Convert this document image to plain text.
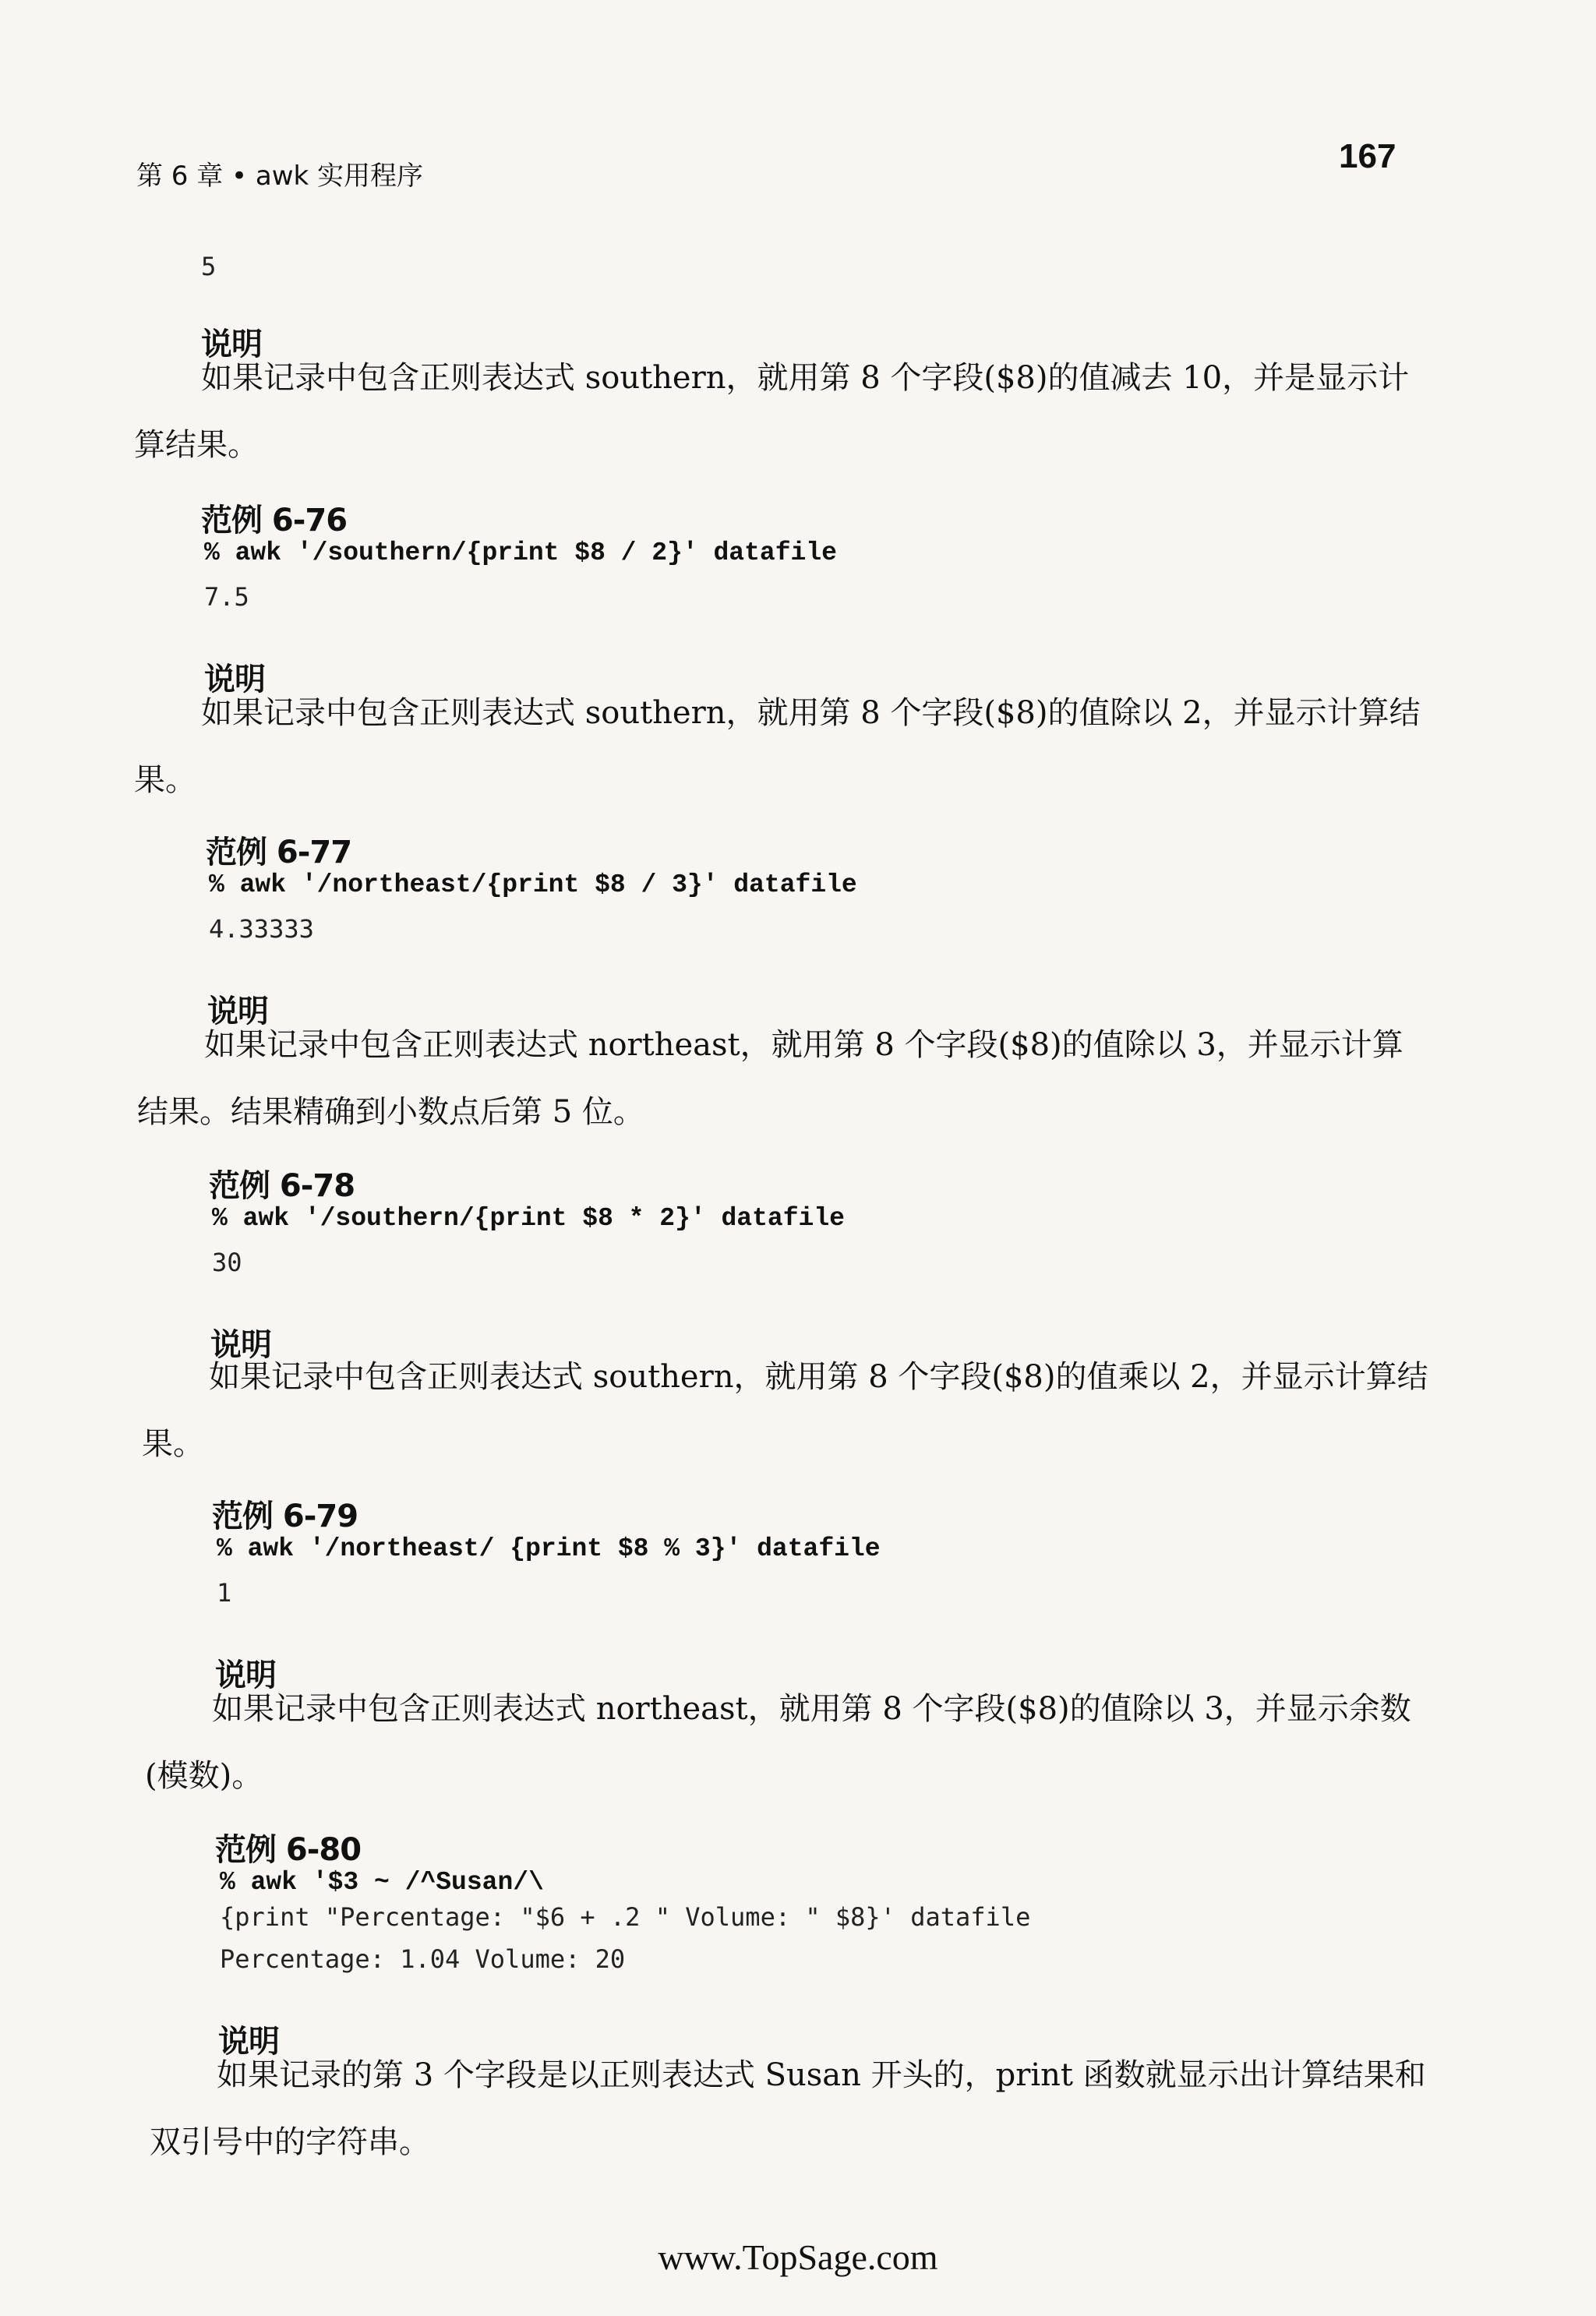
第 6 章 • awk 实用程序
167
5
说明
如果记录中包含正则表达式 southern，就用第 8 个字段($8)的值减去 10，并是显示计算结果。
范例 6-76
% awk '/southern/{print $8 / 2}' datafile
7.5
说明
如果记录中包含正则表达式 southern，就用第 8 个字段($8)的值除以 2，并显示计算结果。
范例 6-77
% awk '/northeast/{print $8 / 3}' datafile
4.33333
说明
如果记录中包含正则表达式 northeast，就用第 8 个字段($8)的值除以 3，并显示计算结果。结果精确到小数点后第 5 位。
范例 6-78
% awk '/southern/{print $8 * 2}' datafile
30
说明
如果记录中包含正则表达式 southern，就用第 8 个字段($8)的值乘以 2，并显示计算结果。
范例 6-79
% awk '/northeast/ {print $8 % 3}' datafile
1
说明
如果记录中包含正则表达式 northeast，就用第 8 个字段($8)的值除以 3，并显示余数(模数)。
范例 6-80
% awk '$3 ~ /^Susan/\
{print "Percentage: "$6 + .2 " Volume: " $8}' datafile
Percentage: 1.04 Volume: 20
说明
如果记录的第 3 个字段是以正则表达式 Susan 开头的，print 函数就显示出计算结果和双引号中的字符串。
www.TopSage.com
